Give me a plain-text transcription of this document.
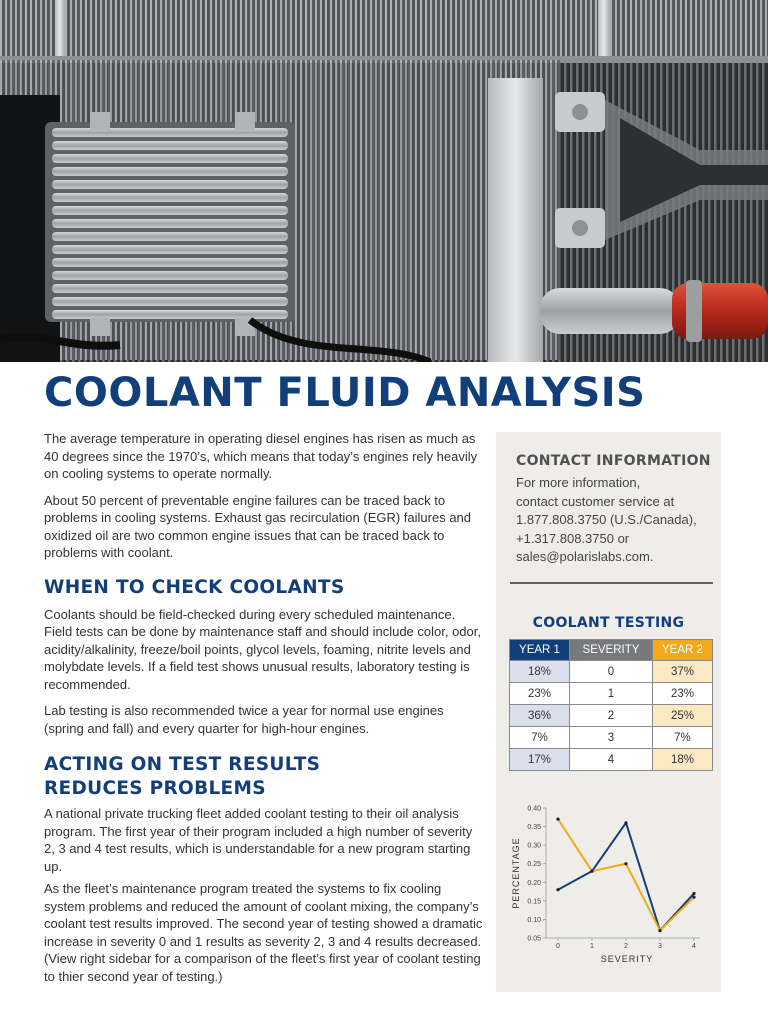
COOLANT FLUID ANALYSIS

The average temperature in operating diesel engines has risen as much as 40 degrees since the 1970’s, which means that today’s engines rely heavily on cooling systems to operate normally.

About 50 percent of preventable engine failures can be traced back to problems in cooling systems. Exhaust gas recirculation (EGR) failures and oxidized oil are two common engine issues that can be traced back to problems with coolant.

WHEN TO CHECK COOLANTS

Coolants should be field-checked during every scheduled maintenance. Field tests can be done by maintenance staff and should include color, odor, acidity/alkalinity, freeze/boil points, glycol levels, foaming, nitrite levels and molybdate levels. If a field test shows unusual results, laboratory testing is recommended.

Lab testing is also recommended twice a year for normal use engines (spring and fall) and every quarter for high-hour engines.

ACTING ON TEST RESULTS
REDUCES PROBLEMS

A national private trucking fleet added coolant testing to their oil analysis program. The first year of their program included a high number of severity 2, 3 and 4 test results, which is understandable for a new program starting up.

As the fleet’s maintenance program treated the systems to fix cooling system problems and reduced the amount of coolant mixing, the company’s coolant test results improved. The second year of testing showed a dramatic increase in severity 0 and 1 results as severity 2, 3 and 4 results decreased. (View right sidebar for a comparison of the fleet’s first year of coolant testing to thier second year of testing.)

CONTACT INFORMATION
For more information,
contact customer service at
1.877.808.3750 (U.S./Canada),
+1.317.808.3750 or
sales@polarislabs.com.
COOLANT TESTING
YEAR 1	SEVERITY	YEAR 2
18%	0	37%
23%	1	23%
36%	2	25%
7%	3	7%
17%	4	18%
0.05
0.10
0.15
0.20
0.25
0.30
0.35
0.40
0	1	2	3	4
SEVERITY
PERCENTAGE
